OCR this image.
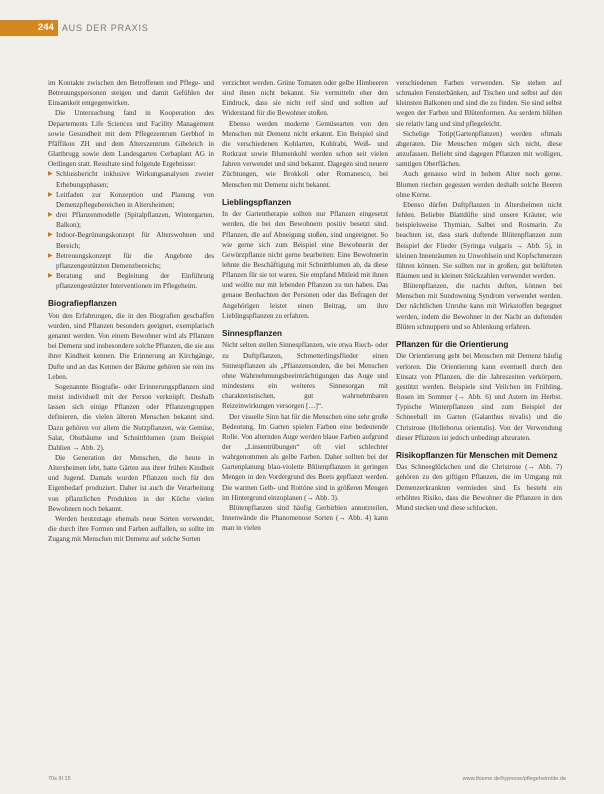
244 AUS DER PRAXIS

im Kontakte zwischen den Betroffenen und Pflege- und Betreuungspersonen steigen und damit Gefühlen der Einsamkeit entgegenwirken.

Die Untersuchung fand in Kooperation des Departements Life Sciences und Facility Management sowie Gesundheit mit dem Pflegezentrum Gerbhof in Pfäffikon ZH und dem Alterszentrum Gibeleich in Glattbrugg sowie dem Landesgarten Cerbaplant AG in Oetlingen statt. Resultate sind folgende Ergebnisse:

▶ Schlussbericht inklusive Wirkungsanalysen zweier Erhebungsphasen;
▶ Leitfaden zur Konzeption und Planung von Demenzpflegebereichen in Altersheimen;
▶ drei Pflanzenmodelle (Spitalpflanzen, Wintergarten, Balkon);
▶ Indoor-Begrünungskonzept für Alterswohnen und Bereich;
▶ Betreuungskonzept für die Angebote des pflanzengestützten Demenzbereichs;
▶ Beratung und Begleitung der Einführung pflanzengestützter Interventionen im Pflegeheim.
Biografiepflanzen

Von den Erfahrungen, die in den Biografien geschaffen wurden, sind Pflanzen besonders geeignet, exemplarisch genannt werden. Von einem Bewohner wird als Pflanzen bei Demenz und insbesondere solche Pflanzen, die sie aus ihrer Kindheit kennen. Die Erinnerung an Kirchgänge, Dufte und an das Kennen der Bäume gehören sie rein ins Leben.

Sogenannte Biografie- oder Erinnerungspflanzen sind meist individuell mit der Person verknüpft. Deshalb lassen sich einige Pflanzen oder Pflanzengruppen definieren, die vielen älteren Menschen bekannt sind. Dazu gehören vor allem die Nutzpflanzen, wie Gemüse, Salat, Obstbäume und Schnittblumen (zum Beispiel Dahlien → Abb. 2).

Die Generation der Menschen, die heute in Altersheimen lebt, hatte Gärten aus ihrer frühen Kindheit und Jugend. Damals wurden Pflanzen noch für den Eigenbedarf produziert. Daher ist auch die Verarbeitung von pflanzlichen Produkten in der Küche vielen Bewohnern noch bekannt.

Werden heutzutage ehemals neue Sorten verwendet, die durch ihre Formen und Farben auffallen, so sollte im Zugang mit Menschen mit Demenz auf solche Sorten

verzichtet werden. Grüne Tomaten oder gelbe Himbeeren sind ihnen nicht bekannt. Sie vermitteln eher den Eindruck, dass sie nicht reif sind und sollten auf Widerstand für die Bewohner stoßen.

Ebenso werden moderne Gemüsearten von den Menschen mit Demenz nicht erkannt. Ein Beispiel sind die verschiedenen Kohlarten, Kohlrabi, Weiß- und Rotkraut sowie Blumenkohl werden schon seit vielen Jahren verwendet und sind bekannt. Dagegen sind neuere Züchtungen, wie Brokkoli oder Romanesco, bei Menschen mit Demenz nicht bekannt.

Lieblingspflanzen

In der Gartentherapie sollten nur Pflanzen eingesetzt werden, die bei den Bewohnern positiv besetzt sind. Pflanzen, die auf Abneigung stoßen, sind ungeeignet. So wie gerne sich zum Beispiel eine Bewohnerin der Gewürzpflanze nicht gerne bearbeiten: Eine Bewohnerin lehnte die Beschäftigung mit Schnittblumen ab, da diese Pflanzen für sie tot waren. Sie empfand Mitleid mit ihnen und wollte nur mit lebenden Pflanzen zu tun haben. Das genaue Beobachten der Personen oder das Befragen der Angehörigen leistet einen Beitrag, um ihre Lieblingspflanzen zu erfahren.

Sinnespflanzen

Nicht selten stellen Sinnespflanzen, wie etwa Riech- oder zu Duftpflanzen, Schmetterlingsflieder einen Sinnespflanzen als „Pflanzensonden, die bei Menschen ohne Wahrnehmungsbeeinträchtigungen das Auge und mindestens ein weiteres Sinnesorgan mit charakteristischen, gut wahrnehmbaren Reizeinwirkungen versorgen […]“.

Der visuelle Sinn hat für die Menschen eine sehr große Bedeutung. Im Garten spielen Farben eine bedeutende Rolle. Von alternden Auge werden blaue Farben aufgrund der „Linsentrübungen“ oft viel schlechter wahrgenommen als gelbe Farben. Daher sollten bei der Gartenplanung blau-violette Blütenpflanzen in geringen Mengen in den Vordergrund des Beets gepflanzt werden. Die warmen Gelb- und Rottöne sind in größeren Mengen im Hintergrund einzuplanen (→ Abb. 3).

Blütenpflanzen sind häufig Gerbirbien annutzteilen, Innenwände die Phanomenose Sorten (→ Abb. 4) kann man in vielen

verschiedenen Farben verwenden. Sie stehen auf schmalen Fensterbänken, auf Tischen und selbst auf den kleinsten Balkonen und sind die zu finden. Sie sind selbst wegen der Farben und Blütenformen. Au serdem blühen sie relativ lang und sind pflegeleicht.

Sichelige Totip(Gartenpflanzen) werden oftmals abgeraten. Die Menschen mögen sich nicht, diese anzufassen. Beliebt sind dagegen Pflanzen mit wolligen, samtigen Oberflächen.

Auch genauso wird in hohem Alter noch gerne. Blumen riechen gegessen werden deshalb solche Beeren ohne Kerne.

Ebenso dürfen Duftpflanzen in Altersheimen nicht fehlen. Beliebte Blattdüfte sind unsere Kräuter, wie beispielsweise Thymian, Salbei und Rosmarin. Zu beachten ist, dass stark duftende Blütenpflanzen zum Beispiel der Flieder (Syringa vulgaris → Abb. 5), in kleinen Innenräumen zu Unwohlsein und Kopfschmerzen führen können. Sie sollten nur in großen, gut belüfteten Räumen und in kleinen Stückzahlen verwendet werden.

Blütenpflanzen, die nachts duften, können bei Menschen mit Sundowning Syndrom verwendet werden. Der nächtlichen Unruhe kann mit Wirkstoffen begegnet werden, indem die Bewohner in der Nacht an duftenden Blüten schnuppern und so Ablenkung erfahren.

Pflanzen für die Orientierung

Die Orientierung geht bei Menschen mit Demenz häufig verloren. Die Orientierung kann eventuell durch den Einsatz von Pflanzen, die die Jahreszeiten verkörpern, gestützt werden. Beispiele sind Veilchen im Frühling, Rosen im Sommer (→ Abb. 6) und Astern im Herbst. Typische Winterpflanzen sind zum Beispiel der Schneeball im Garten (Galanthus nivalis) und die Christrose (Helleborus orientalis). Von der Verwendung dieser Pflanzen ist jedoch unbedingt abzuraten.

Risikopflanzen für Menschen mit Demenz

Das Schneeglöckchen und die Christrose (→ Abb. 7) gehören zu den giftigen Pflanzen, die im Umgang mit Demenzerkrankten vermieden sind. Es besteht ein erhöhtes Risiko, dass die Bewohner die Pflanzen in den Mund stecken und diese schlucken.

70s III 15	www.thieme.de/hypnose/pflegeheim/de.de
